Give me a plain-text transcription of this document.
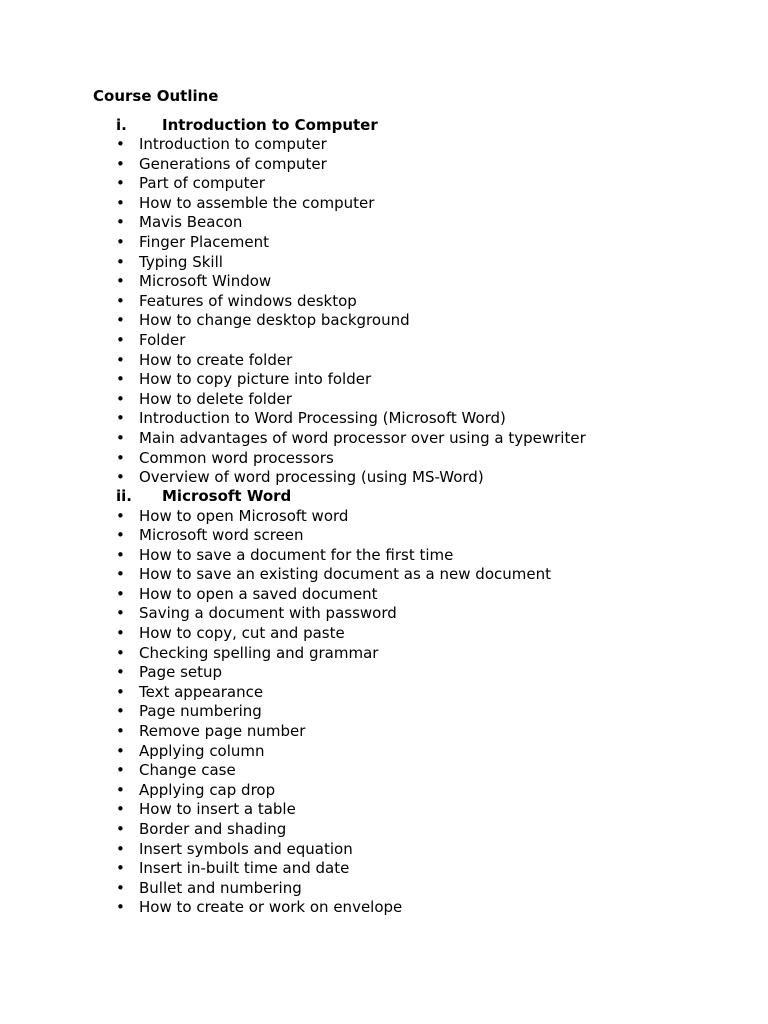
Course Outline
i. Introduction to Computer
• Introduction to computer
• Generations of computer
• Part of computer
• How to assemble the computer
• Mavis Beacon
• Finger Placement
• Typing Skill
• Microsoft Window
• Features of windows desktop
• How to change desktop background
• Folder
• How to create folder
• How to copy picture into folder
• How to delete folder
• Introduction to Word Processing (Microsoft Word)
• Main advantages of word processor over using a typewriter
• Common word processors
• Overview of word processing (using MS-Word)
ii. Microsoft Word
• How to open Microsoft word
• Microsoft word screen
• How to save a document for the first time
• How to save an existing document as a new document
• How to open a saved document
• Saving a document with password
• How to copy, cut and paste
• Checking spelling and grammar
• Page setup
• Text appearance
• Page numbering
• Remove page number
• Applying column
• Change case
• Applying cap drop
• How to insert a table
• Border and shading
• Insert symbols and equation
• Insert in-built time and date
• Bullet and numbering
• How to create or work on envelope
